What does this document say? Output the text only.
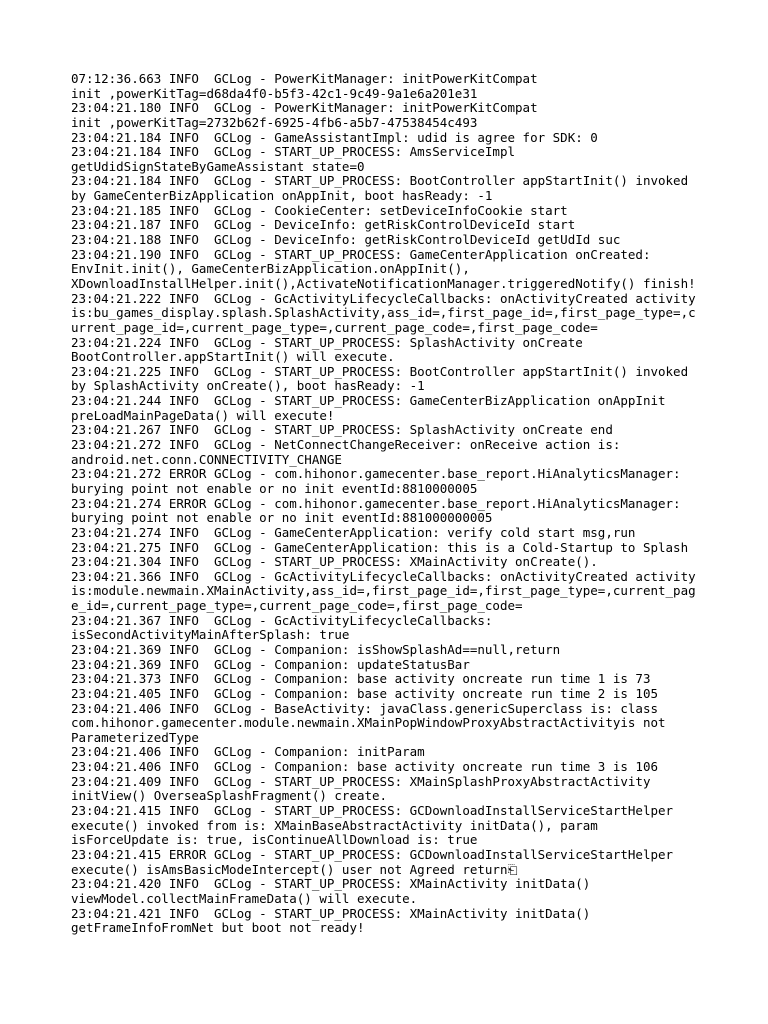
07:12:36.663 INFO  GCLog - PowerKitManager: initPowerKitCompat
init ,powerKitTag=d68da4f0-b5f3-42c1-9c49-9a1e6a201e31
23:04:21.180 INFO  GCLog - PowerKitManager: initPowerKitCompat
init ,powerKitTag=2732b62f-6925-4fb6-a5b7-47538454c493
23:04:21.184 INFO  GCLog - GameAssistantImpl: udid is agree for SDK: 0
23:04:21.184 INFO  GCLog - START_UP_PROCESS: AmsServiceImpl
getUdidSignStateByGameAssistant state=0
23:04:21.184 INFO  GCLog - START_UP_PROCESS: BootController appStartInit() invoked
by GameCenterBizApplication onAppInit, boot hasReady: -1
23:04:21.185 INFO  GCLog - CookieCenter: setDeviceInfoCookie start
23:04:21.187 INFO  GCLog - DeviceInfo: getRiskControlDeviceId start
23:04:21.188 INFO  GCLog - DeviceInfo: getRiskControlDeviceId getUdId suc
23:04:21.190 INFO  GCLog - START_UP_PROCESS: GameCenterApplication onCreated:
EnvInit.init(), GameCenterBizApplication.onAppInit(),
XDownloadInstallHelper.init(),ActivateNotificationManager.triggeredNotify() finish!
23:04:21.222 INFO  GCLog - GcActivityLifecycleCallbacks: onActivityCreated activity
is:bu_games_display.splash.SplashActivity,ass_id=,first_page_id=,first_page_type=,c
urrent_page_id=,current_page_type=,current_page_code=,first_page_code=
23:04:21.224 INFO  GCLog - START_UP_PROCESS: SplashActivity onCreate
BootController.appStartInit() will execute.
23:04:21.225 INFO  GCLog - START_UP_PROCESS: BootController appStartInit() invoked
by SplashActivity onCreate(), boot hasReady: -1
23:04:21.244 INFO  GCLog - START_UP_PROCESS: GameCenterBizApplication onAppInit
preLoadMainPageData() will execute!
23:04:21.267 INFO  GCLog - START_UP_PROCESS: SplashActivity onCreate end
23:04:21.272 INFO  GCLog - NetConnectChangeReceiver: onReceive action is:
android.net.conn.CONNECTIVITY_CHANGE
23:04:21.272 ERROR GCLog - com.hihonor.gamecenter.base_report.HiAnalyticsManager:
burying point not enable or no init eventId:8810000005
23:04:21.274 ERROR GCLog - com.hihonor.gamecenter.base_report.HiAnalyticsManager:
burying point not enable or no init eventId:881000000005
23:04:21.274 INFO  GCLog - GameCenterApplication: verify cold start msg,run
23:04:21.275 INFO  GCLog - GameCenterApplication: this is a Cold-Startup to Splash
23:04:21.304 INFO  GCLog - START_UP_PROCESS: XMainActivity onCreate().
23:04:21.366 INFO  GCLog - GcActivityLifecycleCallbacks: onActivityCreated activity
is:module.newmain.XMainActivity,ass_id=,first_page_id=,first_page_type=,current_pag
e_id=,current_page_type=,current_page_code=,first_page_code=
23:04:21.367 INFO  GCLog - GcActivityLifecycleCallbacks:
isSecondActivityMainAfterSplash: true
23:04:21.369 INFO  GCLog - Companion: isShowSplashAd==null,return
23:04:21.369 INFO  GCLog - Companion: updateStatusBar
23:04:21.373 INFO  GCLog - Companion: base activity oncreate run time 1 is 73
23:04:21.405 INFO  GCLog - Companion: base activity oncreate run time 2 is 105
23:04:21.406 INFO  GCLog - BaseActivity: javaClass.genericSuperclass is: class
com.hihonor.gamecenter.module.newmain.XMainPopWindowProxyAbstractActivityis not
ParameterizedType
23:04:21.406 INFO  GCLog - Companion: initParam
23:04:21.406 INFO  GCLog - Companion: base activity oncreate run time 3 is 106
23:04:21.409 INFO  GCLog - START_UP_PROCESS: XMainSplashProxyAbstractActivity
initView() OverseaSplashFragment() create.
23:04:21.415 INFO  GCLog - START_UP_PROCESS: GCDownloadInstallServiceStartHelper
execute() invoked from is: XMainBaseAbstractActivity initData(), param
isForceUpdate is: true, isContinueAllDownload is: true
23:04:21.415 ERROR GCLog - START_UP_PROCESS: GCDownloadInstallServiceStartHelper
execute() isAmsBasicModeIntercept() user not Agreed return⎗
23:04:21.420 INFO  GCLog - START_UP_PROCESS: XMainActivity initData()
viewModel.collectMainFrameData() will execute.
23:04:21.421 INFO  GCLog - START_UP_PROCESS: XMainActivity initData()
getFrameInfoFromNet but boot not ready!
